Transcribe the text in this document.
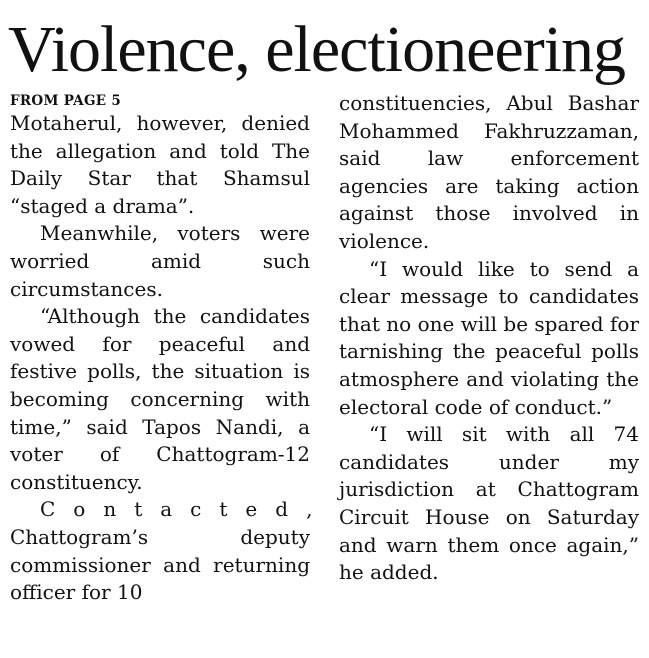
Violence, electioneering

FROM PAGE 5

Motaherul, however, denied the allegation and told The Daily Star that Shamsul “staged a drama”.

Meanwhile, voters were worried amid such circumstances.

“Although the candidates vowed for peaceful and festive polls, the situation is becoming concerning with time,” said Tapos Nandi, a voter of Chattogram-12 constituency.

Contacted, Chattogram’s deputy commissioner and returning officer for 10

constituencies, Abul Bashar Mohammed Fakhruzzaman, said law enforcement agencies are taking action against those involved in violence.

“I would like to send a clear message to candidates that no one will be spared for tarnishing the peaceful polls atmosphere and violating the electoral code of conduct.”

“I will sit with all 74 candidates under my jurisdiction at Chattogram Circuit House on Saturday and warn them once again,” he added.
